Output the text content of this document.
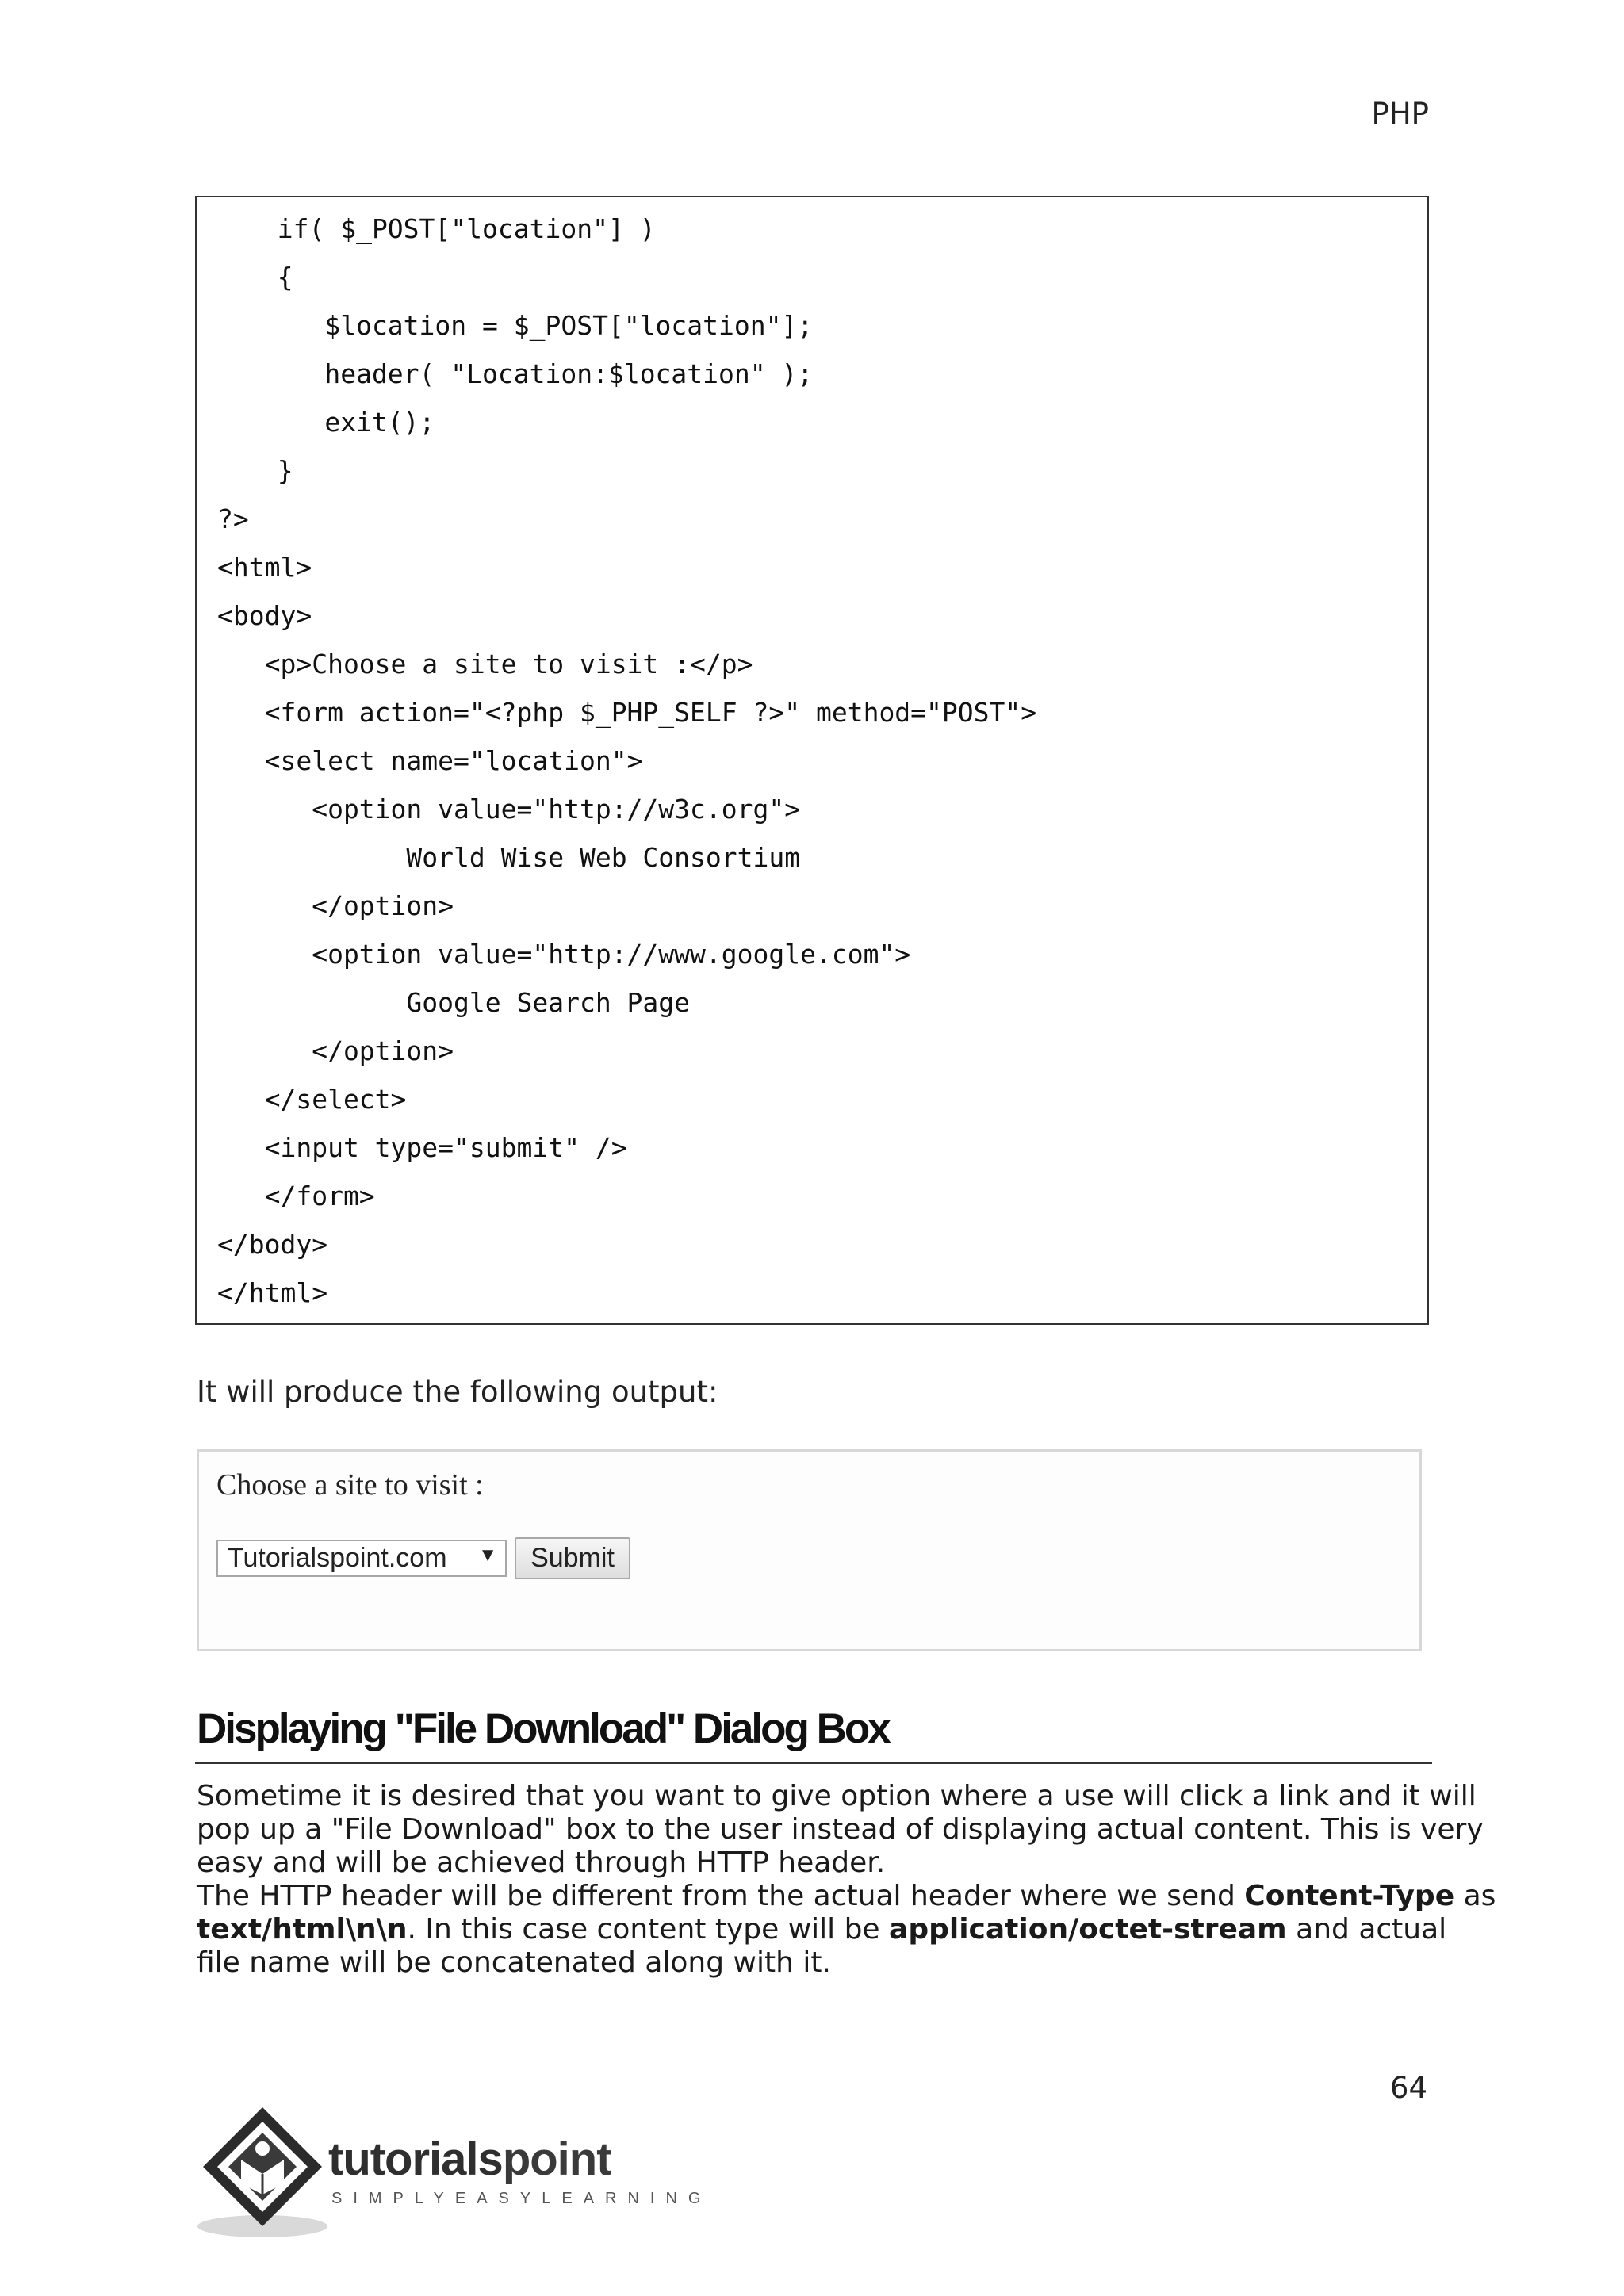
PHP
if( $_POST["location"] )
{
$location = $_POST["location"];
header( "Location:$location" );
exit();
}
?>
<html>
<body>
<p>Choose a site to visit :</p>
<form action="<?php $_PHP_SELF ?>" method="POST">
<select name="location">
<option value="http://w3c.org">
World Wise Web Consortium
</option>
<option value="http://www.google.com">
Google Search Page
</option>
</select>
<input type="submit" />
</form>
</body>
</html>
It will produce the following output:
Choose a site to visit :
Tutorialspoint.com ▼	Submit
Displaying "File Download" Dialog Box
Sometime it is desired that you want to give option where a use will click a link and it will
pop up a "File Download" box to the user instead of displaying actual content. This is very
easy and will be achieved through HTTP header.
The HTTP header will be different from the actual header where we send Content-Type as
text/html\n\n. In this case content type will be application/octet-stream and actual
file name will be concatenated along with it.
64
tutorialspoint
SIMPLYEASYLEARNING
